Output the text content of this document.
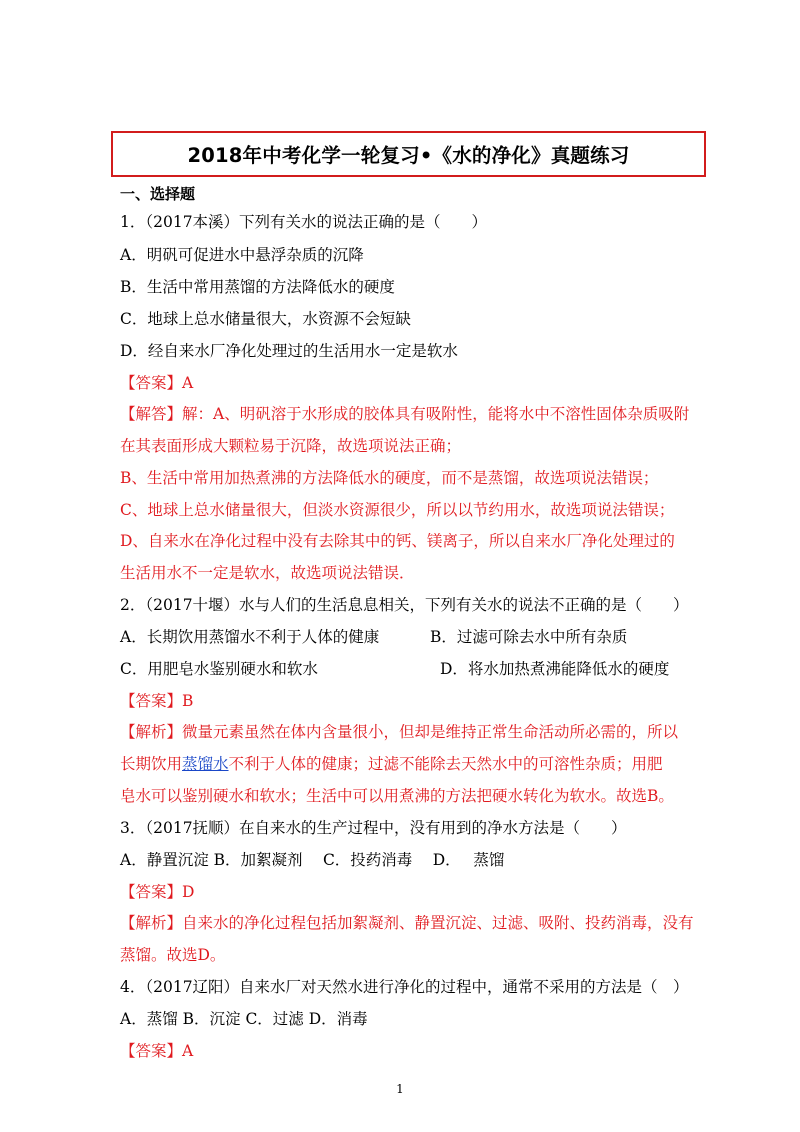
2018年中考化学一轮复习•《水的净化》真题练习
一、选择题
1．（2017本溪）下列有关水的说法正确的是（　　）
A．明矾可促进水中悬浮杂质的沉降
B．生活中常用蒸馏的方法降低水的硬度
C．地球上总水储量很大，水资源不会短缺
D．经自来水厂净化处理过的生活用水一定是软水
【答案】A
【解答】解：A、明矾溶于水形成的胶体具有吸附性，能将水中不溶性固体杂质吸附
在其表面形成大颗粒易于沉降，故选项说法正确；
B、生活中常用加热煮沸的方法降低水的硬度，而不是蒸馏，故选项说法错误；
C、地球上总水储量很大，但淡水资源很少，所以以节约用水，故选项说法错误；
D、自来水在净化过程中没有去除其中的钙、镁离子，所以自来水厂净化处理过的
生活用水不一定是软水，故选项说法错误．
2．（2017十堰）水与人们的生活息息相关，下列有关水的说法不正确的是（　　）
A．长期饮用蒸馏水不利于人体的健康	B．过滤可除去水中所有杂质
C．用肥皂水鉴别硬水和软水	D．将水加热煮沸能降低水的硬度
【答案】B
【解析】微量元素虽然在体内含量很小，但却是维持正常生命活动所必需的，所以
长期饮用蒸馏水不利于人体的健康；过滤不能除去天然水中的可溶性杂质；用肥
皂水可以鉴别硬水和软水；生活中可以用煮沸的方法把硬水转化为软水。故选B。
3．（2017抚顺）在自来水的生产过程中，没有用到的净水方法是（　　）
A．静置沉淀 B．加絮凝剂　 C．投药消毒　 D．　 蒸馏
【答案】D
【解析】自来水的净化过程包括加絮凝剂、静置沉淀、过滤、吸附、投药消毒，没有
蒸馏。故选D。
4．（2017辽阳）自来水厂对天然水进行净化的过程中，通常不采用的方法是（　）
A．蒸馏 B．沉淀 C．过滤 D．消毒
【答案】A
1
